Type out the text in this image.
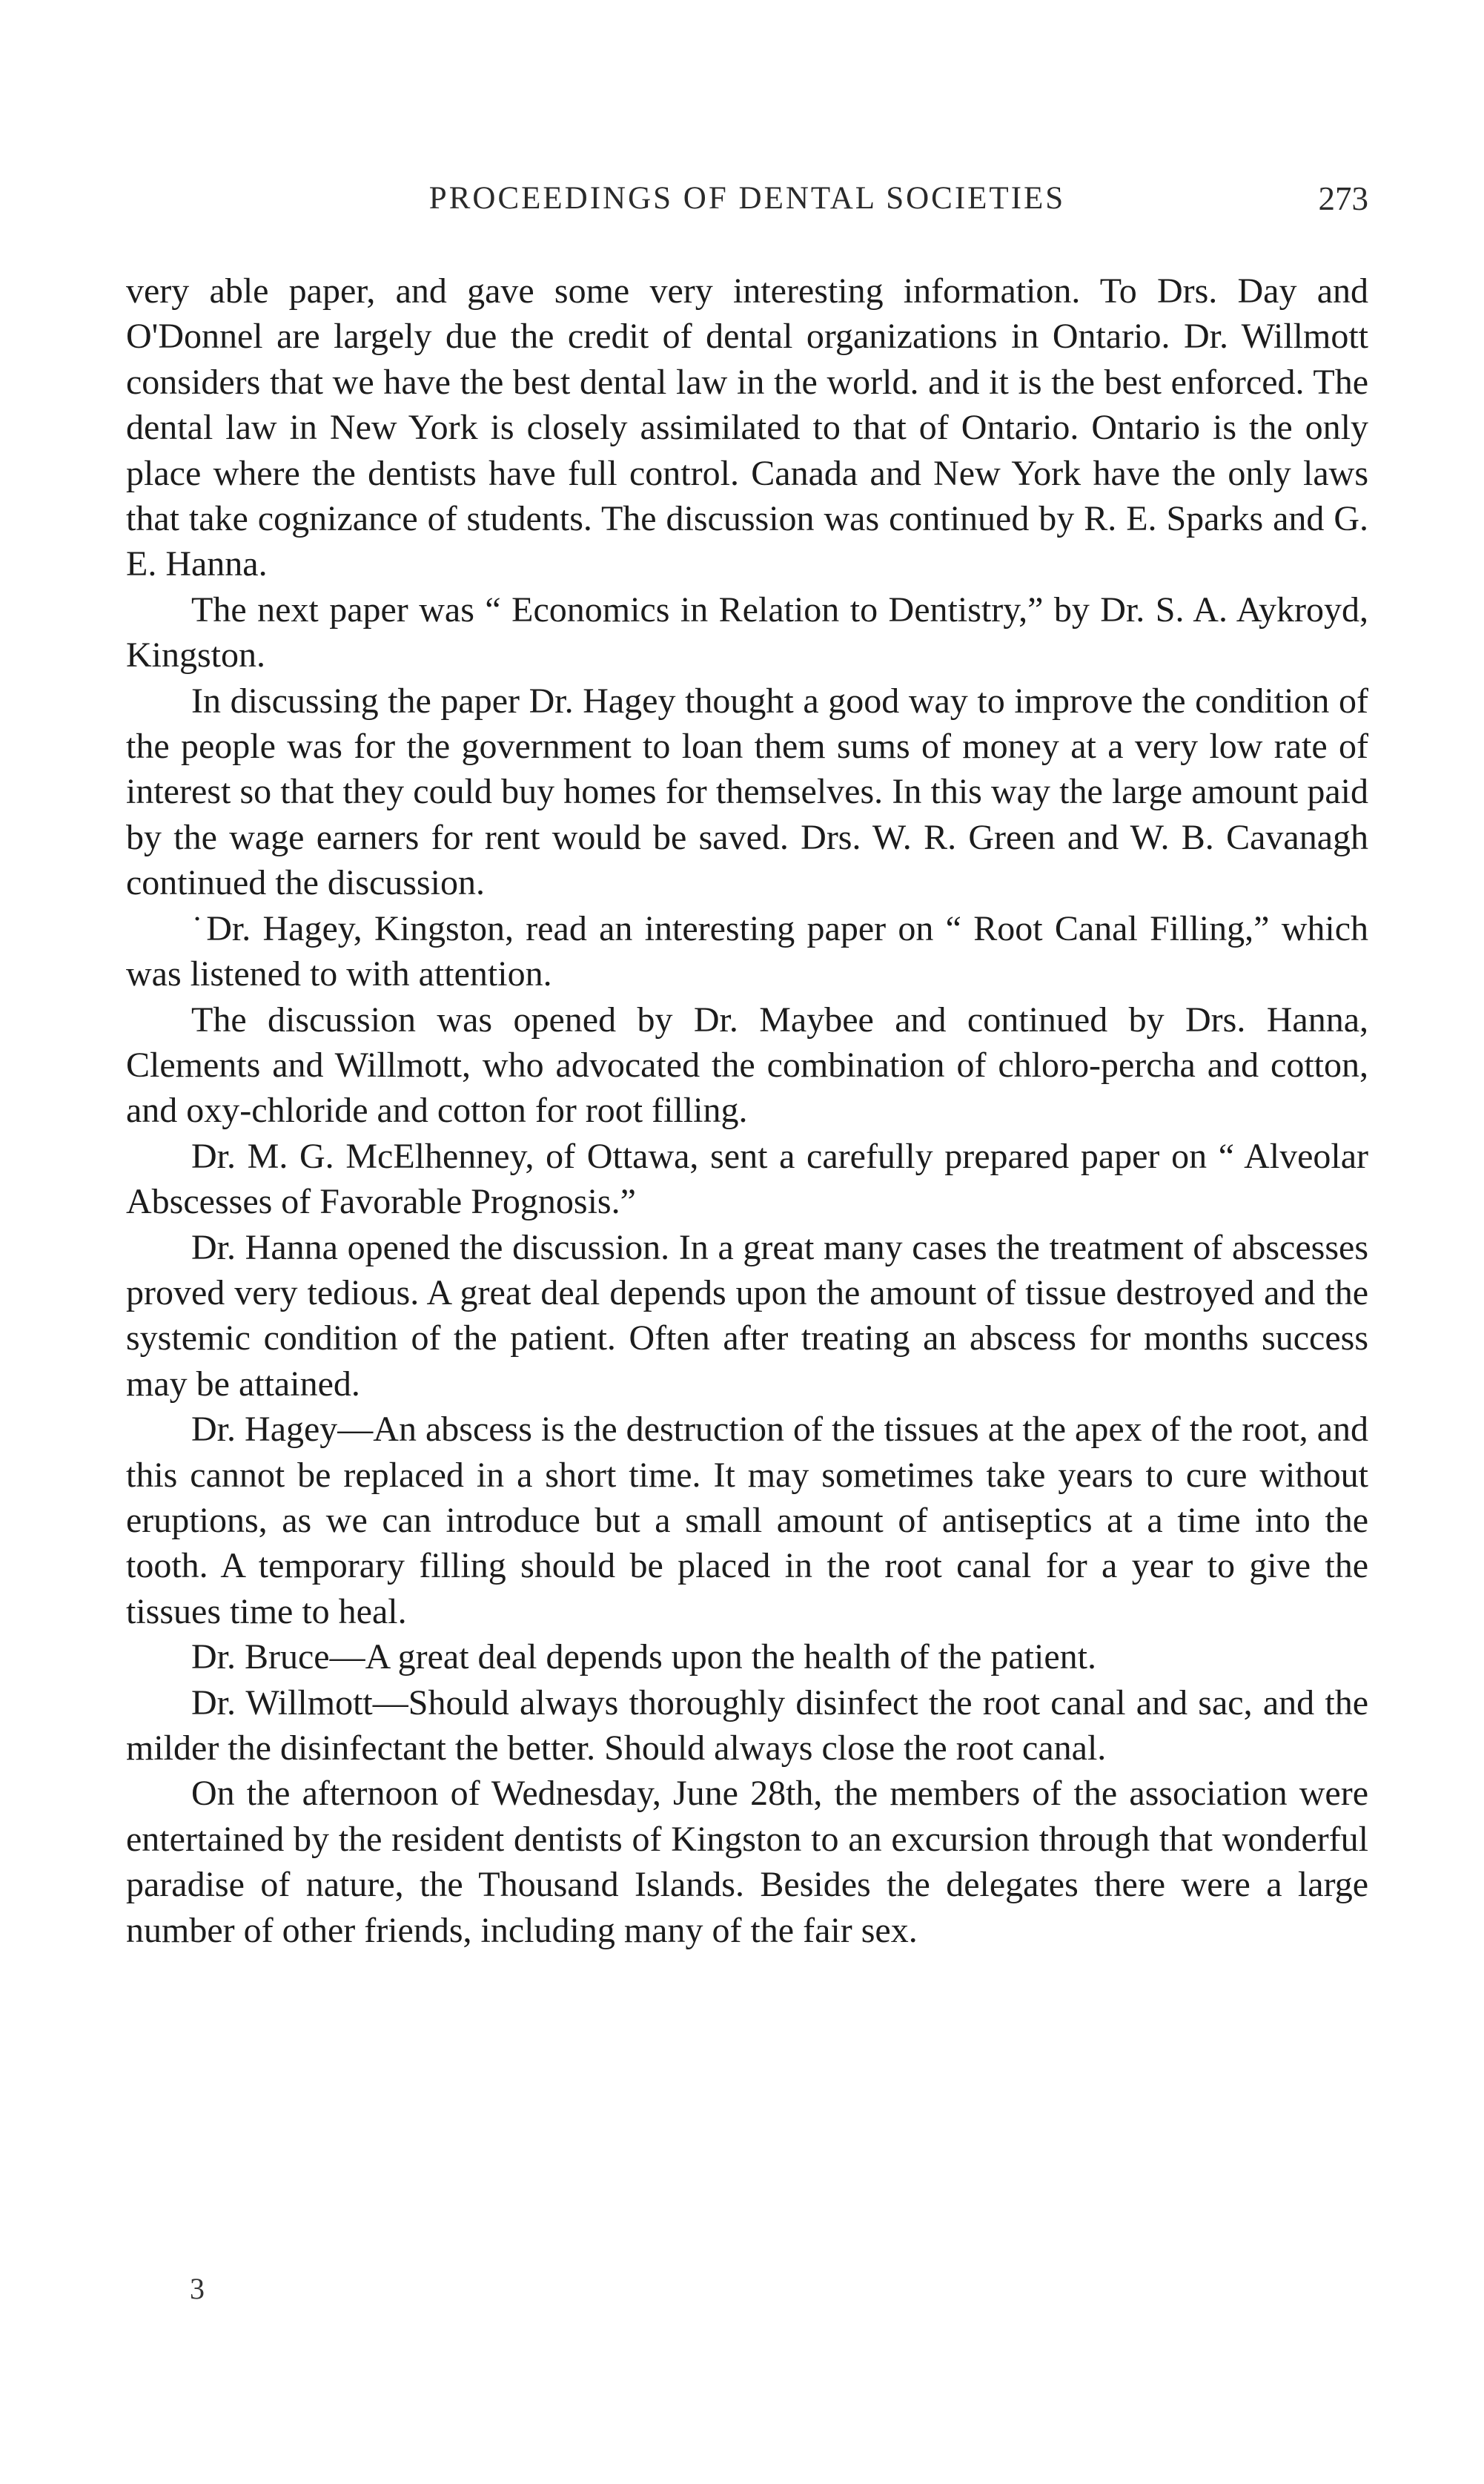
PROCEEDINGS OF DENTAL SOCIETIES	273

very able paper, and gave some very interesting information. To Drs. Day and O'Donnel are largely due the credit of dental organizations in Ontario. Dr. Willmott considers that we have the best dental law in the world. and it is the best enforced. The dental law in New York is closely assimilated to that of Ontario. Ontario is the only place where the dentists have full control. Canada and New York have the only laws that take cognizance of students. The discussion was continued by R. E. Sparks and G. E. Hanna.

The next paper was “ Economics in Relation to Dentistry,” by Dr. S. A. Aykroyd, Kingston.

In discussing the paper Dr. Hagey thought a good way to improve the condition of the people was for the government to loan them sums of money at a very low rate of interest so that they could buy homes for themselves. In this way the large amount paid by the wage earners for rent would be saved. Drs. W. R. Green and W. B. Cavanagh continued the discussion.

˙Dr. Hagey, Kingston, read an interesting paper on “ Root Canal Filling,” which was listened to with attention.

The discussion was opened by Dr. Maybee and continued by Drs. Hanna, Clements and Willmott, who advocated the combination of chloro-percha and cotton, and oxy-chloride and cotton for root filling.

Dr. M. G. McElhenney, of Ottawa, sent a carefully prepared paper on “ Alveolar Abscesses of Favorable Prognosis.”

Dr. Hanna opened the discussion. In a great many cases the treatment of abscesses proved very tedious. A great deal depends upon the amount of tissue destroyed and the systemic condition of the patient. Often after treating an abscess for months success may be attained.

Dr. Hagey—An abscess is the destruction of the tissues at the apex of the root, and this cannot be replaced in a short time. It may sometimes take years to cure without eruptions, as we can introduce but a small amount of antiseptics at a time into the tooth. A temporary filling should be placed in the root canal for a year to give the tissues time to heal.

Dr. Bruce—A great deal depends upon the health of the patient.

Dr. Willmott—Should always thoroughly disinfect the root canal and sac, and the milder the disinfectant the better. Should always close the root canal.

On the afternoon of Wednesday, June 28th, the members of the association were entertained by the resident dentists of Kingston to an excursion through that wonderful paradise of nature, the Thousand Islands. Besides the delegates there were a large number of other friends, including many of the fair sex.

3
